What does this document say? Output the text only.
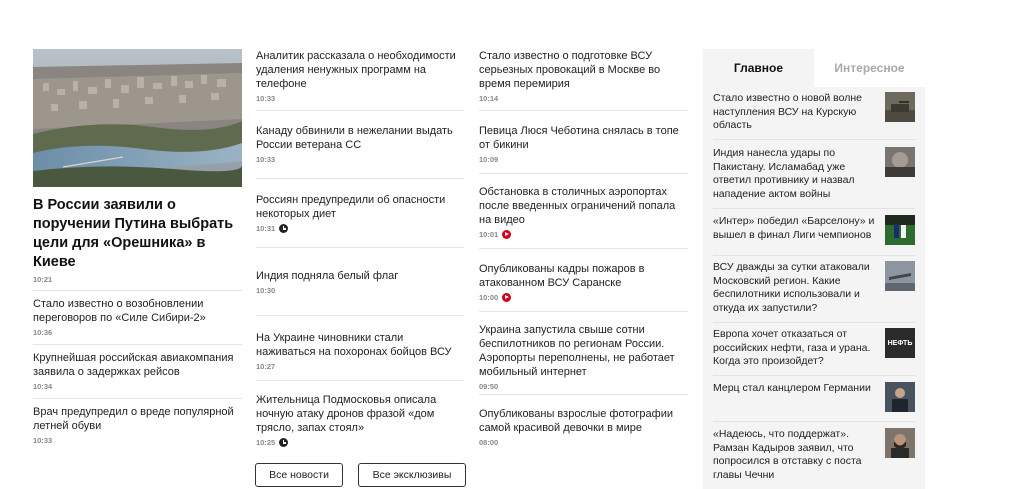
В России заявили о поручении Путина выбрать цели для «Орешника» в Киеве
10:21
Стало известно о возобновлении переговоров по «Силе Сибири-2»
10:36
Крупнейшая российская авиакомпания заявила о задержках рейсов
10:34
Врач предупредил о вреде популярной летней обуви
10:33
Аналитик рассказала о необходимости удаления ненужных программ на телефоне
10:33
Канаду обвинили в нежелании выдать России ветерана СС
10:33
Россиян предупредили об опасности некоторых диет
10:31
Индия подняла белый флаг
10:30
На Украине чиновники стали наживаться на похоронах бойцов ВСУ
10:27
Жительница Подмосковья описала ночную атаку дронов фразой «дом трясло, запах стоял»
10:25
Стало известно о подготовке ВСУ серьезных провокаций в Москве во время перемирия
10:14
Певица Люся Чеботина снялась в топе от бикини
10:09
Обстановка в столичных аэропортах после введенных ограничений попала на видео
10:01
Опубликованы кадры пожаров в атакованном ВСУ Саранске
10:00
Украина запустила свыше сотни беспилотников по регионам России. Аэропорты переполнены, не работает мобильный интернет
09:50
Опубликованы взрослые фотографии самой красивой девочки в мире
08:00
Все новости	Все эксклюзивы
Главное	Интересное
Стало известно о новой волне наступления ВСУ на Курскую область
Индия нанесла удары по Пакистану. Исламабад уже ответил противнику и назвал нападение актом войны
«Интер» победил «Барселону» и вышел в финал Лиги чемпионов
ВСУ дважды за сутки атаковали Московский регион. Какие беспилотники использовали и откуда их запустили?
Европа хочет отказаться от российских нефти, газа и урана. Когда это произойдет?
НЕФТЬ
Мерц стал канцлером Германии
«Надеюсь, что поддержат». Рамзан Кадыров заявил, что попросился в отставку с поста главы Чечни
